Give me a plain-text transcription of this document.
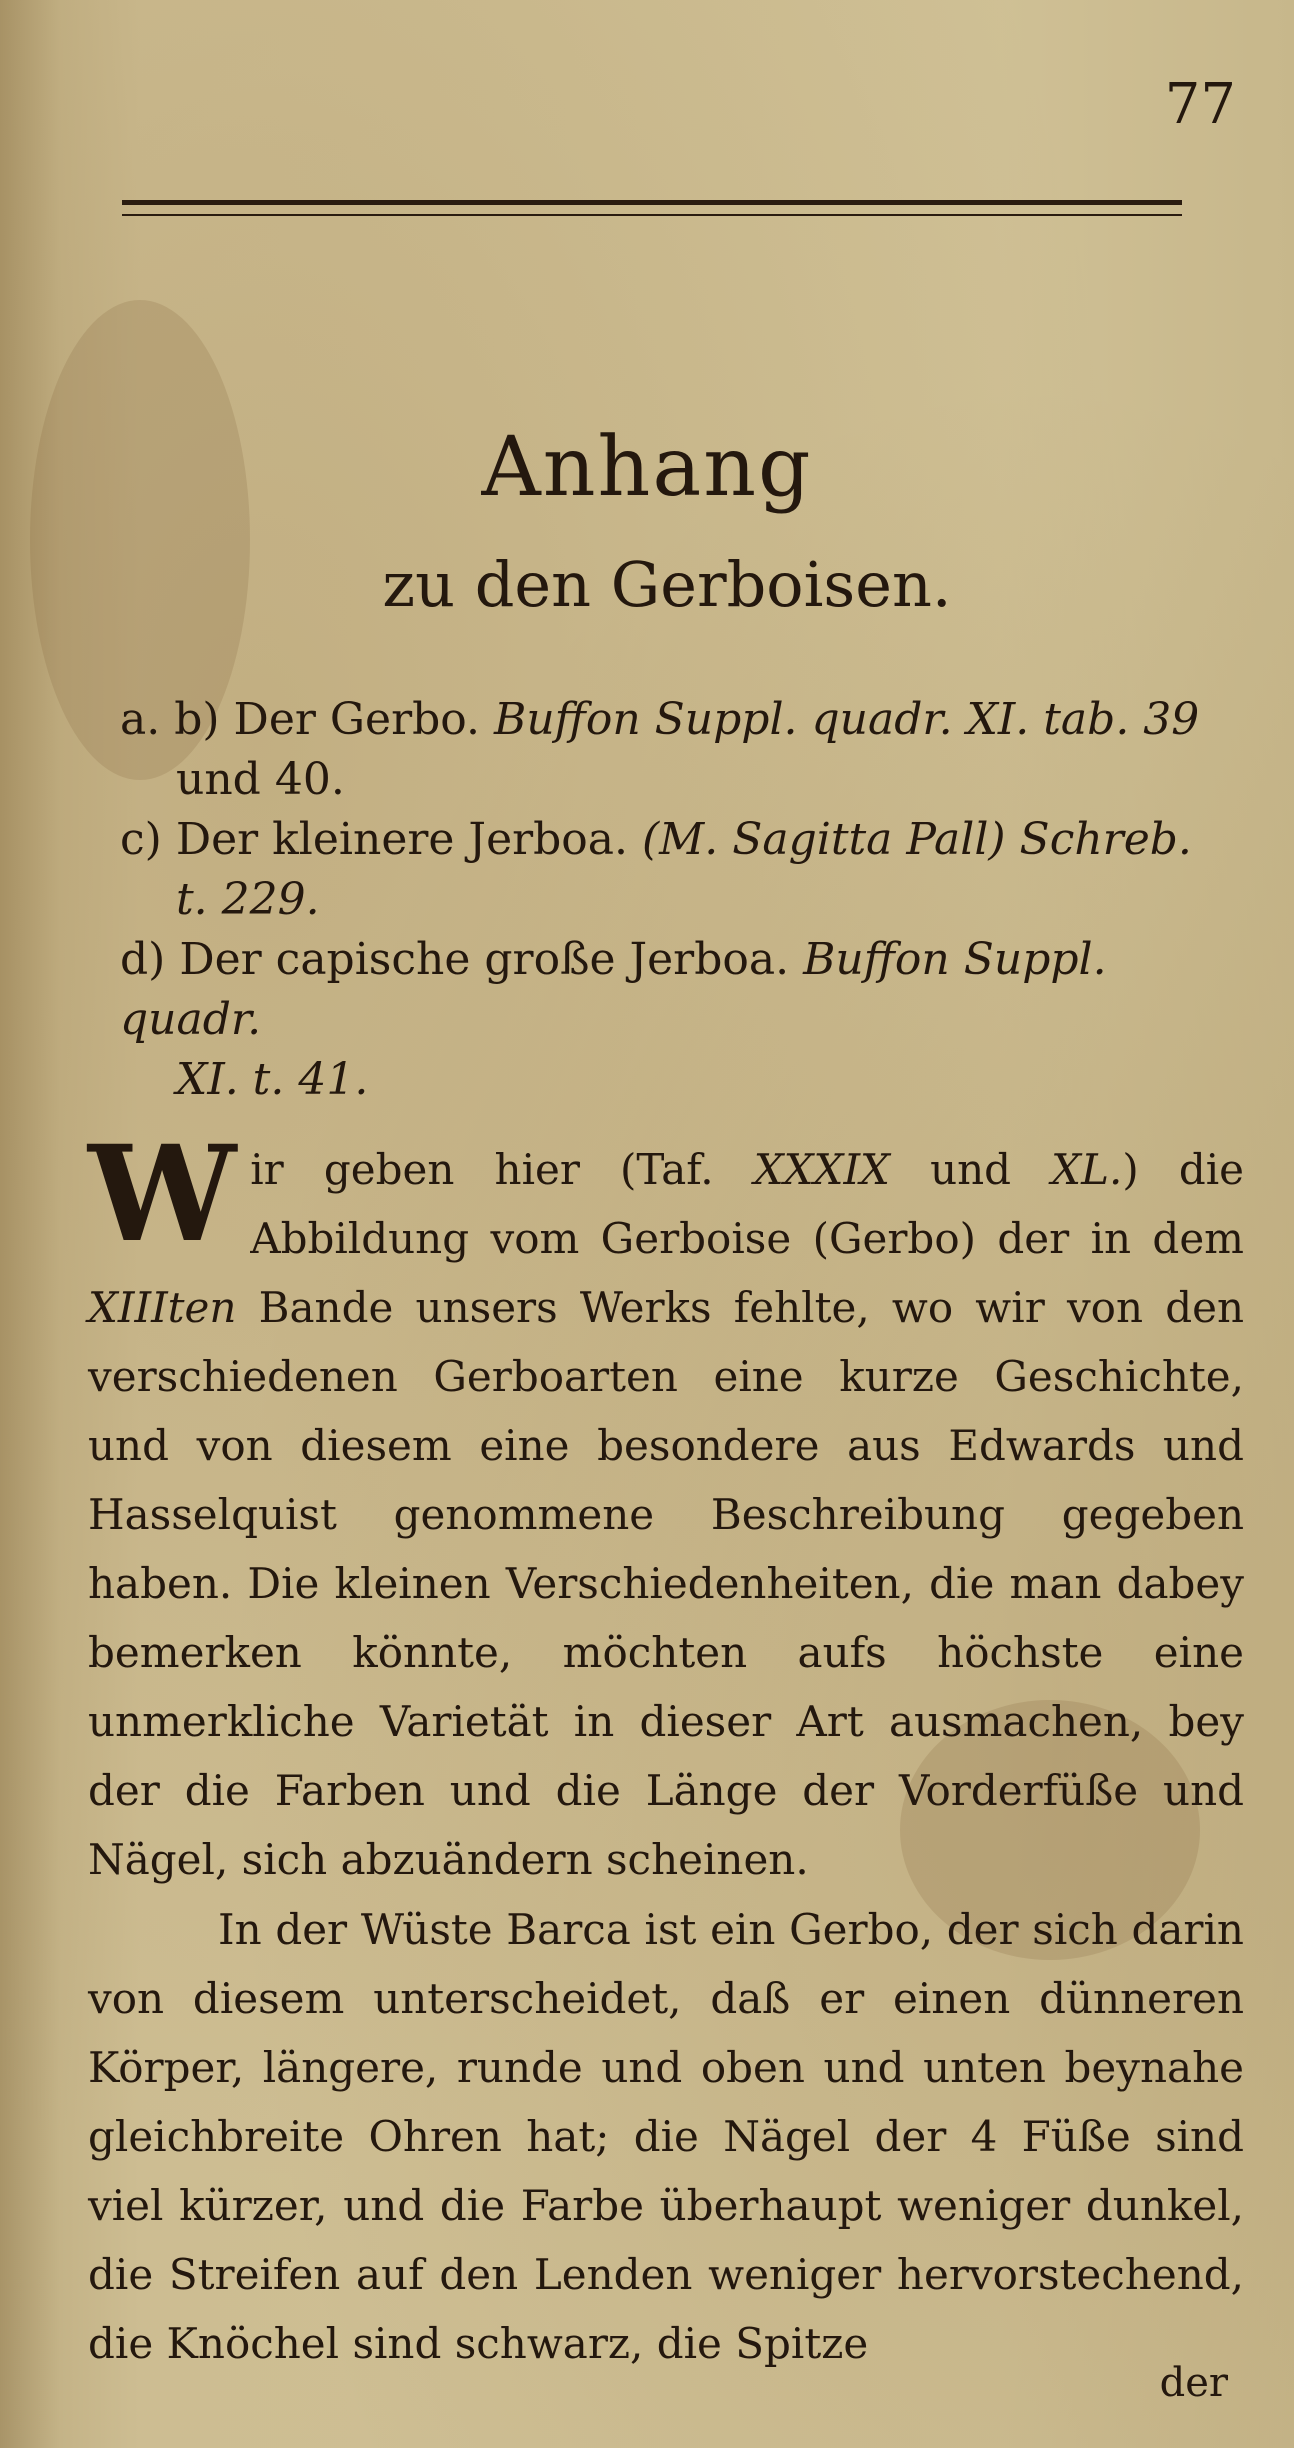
77
Anhang
zu den Gerboisen.

a. b) Der Gerbo. Buffon Suppl. quadr. XI. tab. 39
und 40.

c) Der kleinere Jerboa. (M. Sagitta Pall) Schreb.
t. 229.

d) Der capische große Jerboa. Buffon Suppl. quadr.
XI. t. 41.

Wir geben hier (Taf. XXXIX und XL.) die Abbildung vom Gerboise (Gerbo) der in dem XIIIten Bande unsers Werks fehlte, wo wir von den verschiedenen Gerboarten eine kurze Geschichte, und von diesem eine besondere aus Edwards und Hasselquist genommene Beschreibung gegeben haben. Die kleinen Verschiedenheiten, die man dabey bemerken könnte, möchten aufs höchste eine unmerkliche Varietät in dieser Art ausmachen, bey der die Farben und die Länge der Vorderfüße und Nägel, sich abzuändern scheinen.
In der Wüste Barca ist ein Gerbo, der sich darin von diesem unterscheidet, daß er einen dünneren Körper, längere, runde und oben und unten beynahe gleichbreite Ohren hat; die Nägel der 4 Füße sind viel kürzer, und die Farbe überhaupt weniger dunkel, die Streifen auf den Lenden weniger hervorstechend, die Knöchel sind schwarz, die Spitze
der
